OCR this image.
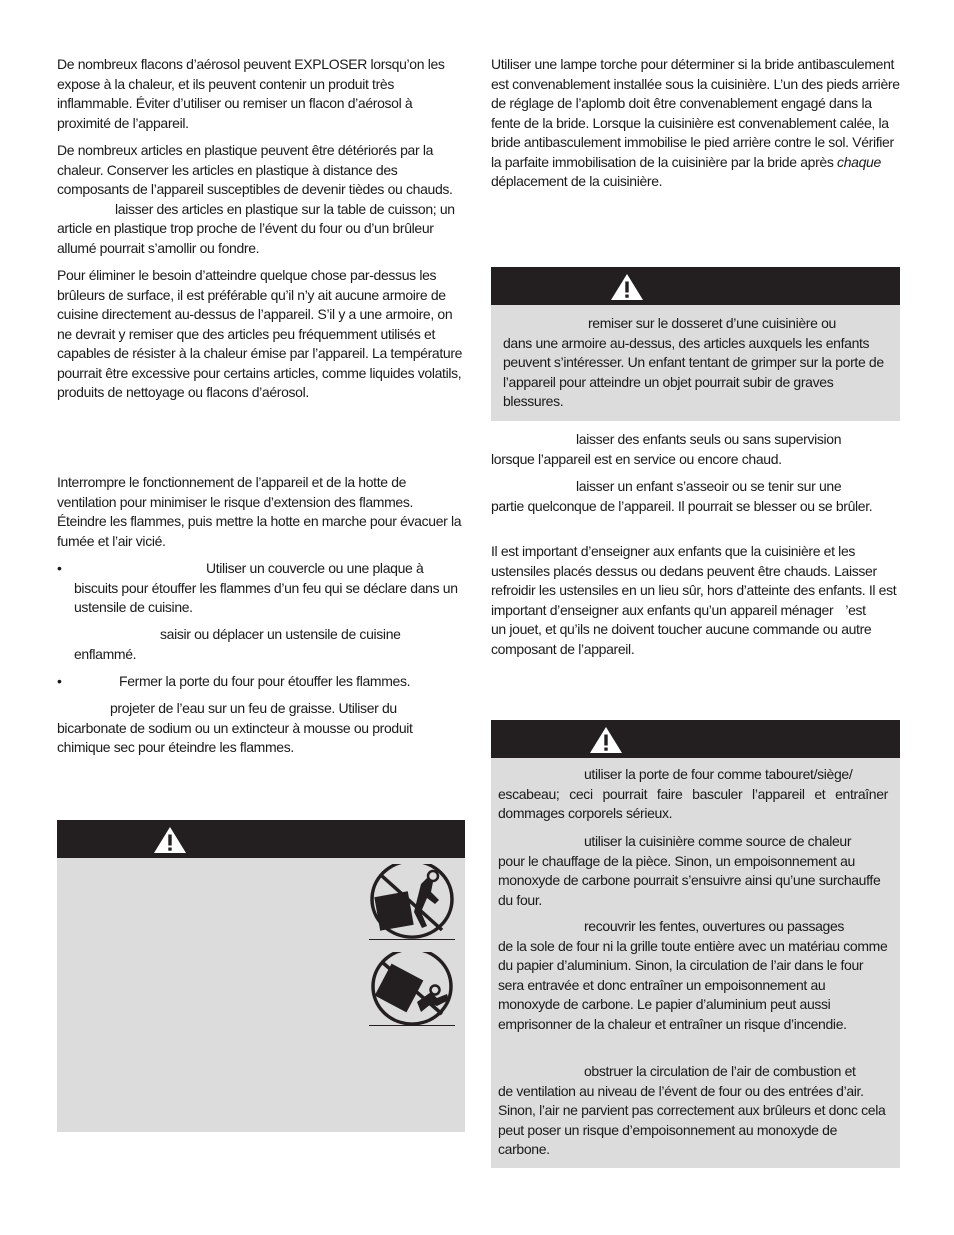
De nombreux flacons d’aérosol peuvent EXPLOSER lorsqu’on les expose à la chaleur, et ils peuvent contenir un produit très inflammable. Éviter d’utiliser ou remiser un flacon d’aérosol à proximité de l’appareil.

De nombreux articles en plastique peuvent être détériorés par la chaleur. Conserver les articles en plastique à distance des composants de l’appareil susceptibles de devenir tièdes ou chauds.laisser des articles en plastique sur la table de cuisson; un article en plastique trop proche de l’évent du four ou d’un brûleur allumé pourrait s’amollir ou fondre.

Pour éliminer le besoin d’atteindre quelque chose par-dessus les brûleurs de surface, il est préférable qu’il n’y ait aucune armoire de cuisine directement au-dessus de l’appareil. S’il y a une armoire, on ne devrait y remiser que des articles peu fréquemment utilisés et capables de résister à la chaleur émise par l’appareil. La température pourrait être excessive pour certains articles, comme liquides volatils, produits de nettoyage ou flacons d’aérosol.

Interrompre le fonctionnement de l’appareil et de la hotte de ventilation pour minimiser le risque d’extension des flammes. Éteindre les flammes, puis mettre la hotte en marche pour évacuer la fumée et l’air vicié.

•	Utiliser un couvercle ou une plaque à

biscuits pour étouffer les flammes d’un feu qui se déclare dans un ustensile de cuisine.

saisir ou déplacer un ustensile de cuisine

enflammé.

•	Fermer la porte du four pour étouffer les flammes.

projeter de l’eau sur un feu de graisse. Utiliser du

bicarbonate de sodium ou un extincteur à mousse ou produit chimique sec pour éteindre les flammes.

Utiliser une lampe torche pour déterminer si la bride antibasculement est convenablement installée sous la cuisinière. L’un des pieds arrière de réglage de l’aplomb doit être convenablement engagé dans la fente de la bride. Lorsque la cuisinière est convenablement calée, la bride antibasculement immobilise le pied arrière contre le sol. Vérifier la parfaite immobilisation de la cuisinière par la bride après chaque déplacement de la cuisinière.

remiser sur le dosseret d’une cuisinière ou

dans une armoire au-dessus, des articles auxquels les enfants peuvent s’intéresser. Un enfant tentant de grimper sur la porte de l’appareil pour atteindre un objet pourrait subir de graves blessures.

laisser des enfants seuls ou sans supervision

lorsque l’appareil est en service ou encore chaud.

laisser un enfant s’asseoir ou se tenir sur une

partie quelconque de l’appareil. Il pourrait se blesser ou se brûler.

Il est important d’enseigner aux enfants que la cuisinière et les ustensiles placés dessus ou dedans peuvent être chauds. Laisser refroidir les ustensiles en un lieu sûr, hors d’atteinte des enfants. Il est important d’enseigner aux enfants qu’un appareil ménager ’estun jouet, et qu’ils ne doivent toucher aucune commande ou autre composant de l’appareil.

utiliser la porte de four comme tabouret/siège/

escabeau; ceci pourrait faire basculer l’appareil et entraîner dommages corporels sérieux.

utiliser la cuisinière comme source de chaleur

pour le chauffage de la pièce. Sinon, un empoisonnement au monoxyde de carbone pourrait s’ensuivre ainsi qu’une surchauffe du four.

recouvrir les fentes, ouvertures ou passages

de la sole de four ni la grille toute entière avec un matériau comme du papier d’aluminium. Sinon, la circulation de l’air dans le four sera entravée et donc entraîner un empoisonnement au monoxyde de carbone. Le papier d’aluminium peut aussi emprisonner de la chaleur et entraîner un risque d’incendie.

obstruer la circulation de l’air de combustion et

de ventilation au niveau de l’évent de four ou des entrées d’air. Sinon, l’air ne parvient pas correctement aux brûleurs et donc cela peut poser un risque d’empoisonnement au monoxyde de carbone.
